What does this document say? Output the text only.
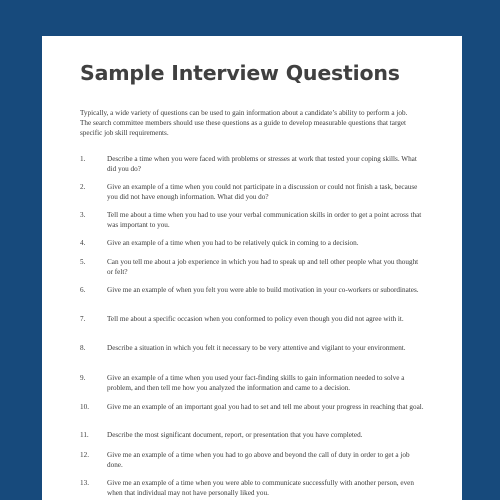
Sample Interview Questions

Typically, a wide variety of questions can be used to gain information about a candidate’s ability to perform a job. The search committee members should use these questions as a guide to develop measurable questions that target specific job skill requirements.

1.	Describe a time when you were faced with problems or stresses at work that tested your coping skills. What did you do?
2.	Give an example of a time when you could not participate in a discussion or could not finish a task, because you did not have enough information. What did you do?
3.	Tell me about a time when you had to use your verbal communication skills in order to get a point across that was important to you.
4.	Give an example of a time when you had to be relatively quick in coming to a decision.
5.	Can you tell me about a job experience in which you had to speak up and tell other people what you thought or felt?
6.	Give me an example of when you felt you were able to build motivation in your co-workers or subordinates.
7.	Tell me about a specific occasion when you conformed to policy even though you did not agree with it.
8.	Describe a situation in which you felt it necessary to be very attentive and vigilant to your environment.
9.	Give an example of a time when you used your fact-finding skills to gain information needed to solve a problem, and then tell me how you analyzed the information and came to a decision.
10.	Give me an example of an important goal you had to set and tell me about your progress in reaching that goal.
11.	Describe the most significant document, report, or presentation that you have completed.
12.	Give me an example of a time when you had to go above and beyond the call of duty in order to get a job done.
13.	Give me an example of a time when you were able to communicate successfully with another person, even when that individual may not have personally liked you.
